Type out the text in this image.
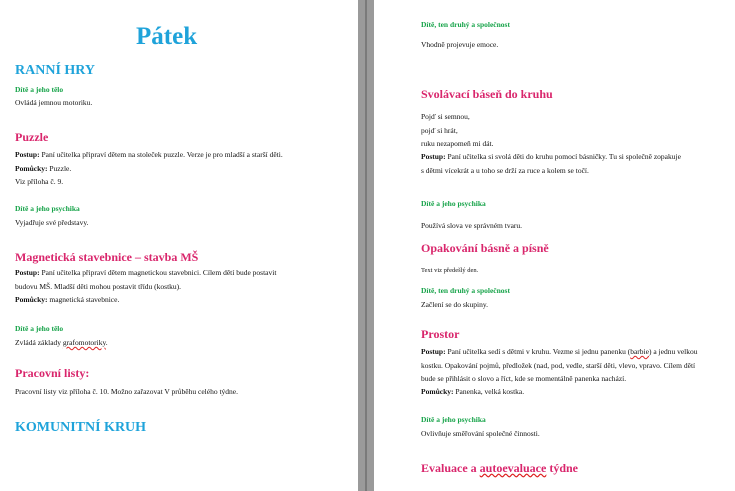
Pátek
RANNÍ HRY
Dítě a jeho tělo
Ovládá jemnou motoriku.
Puzzle
Postup: Paní učitelka připraví dětem na stoleček puzzle. Verze je pro mladší a starší děti.
Pomůcky: Puzzle.
Viz příloha č. 9.
Dítě a jeho psychika
Vyjadřuje své představy.
Magnetická stavebnice – stavba MŠ
Postup: Paní učitelka připraví dětem magnetickou stavebnici. Cílem dětí bude postavit
budovu MŠ. Mladší děti mohou postavit třídu (kostku).
Pomůcky: magnetická stavebnice.
Dítě a jeho tělo
Zvládá základy grafomotoriky.
Pracovní listy:
Pracovní listy viz příloha č. 10. Možno zařazovat V průběhu celého týdne.
KOMUNITNÍ KRUH
Dítě, ten druhý a společnost
Vhodně projevuje emoce.
Svolávací báseň do kruhu
Pojď si semnou,
pojď si hrát,
ruku nezapomeň mi dát.
Postup: Paní učitelka si svolá děti do kruhu pomocí básničky. Tu si společně zopakuje
s dětmi vícekrát a u toho se drží za ruce a kolem se točí.
Dítě a jeho psychika
Používá slova ve správném tvaru.
Opakování básně a písně
Text viz předešlý den.
Dítě, ten druhý a společnost
Začlení se do skupiny.
Prostor
Postup: Paní učitelka sedí s dětmi v kruhu. Vezme si jednu panenku (barbie) a jednu velkou
kostku. Opakování pojmů, předložek (nad, pod, vedle, starší děti, vlevo, vpravo. Cílem dětí
bude se přihlásit o slovo a říct, kde se momentálně panenka nachází.
Pomůcky: Panenka, velká kostka.
Dítě a jeho psychika
Ovlivňuje směřování společné činnosti.
Evaluace a autoevaluace týdne
